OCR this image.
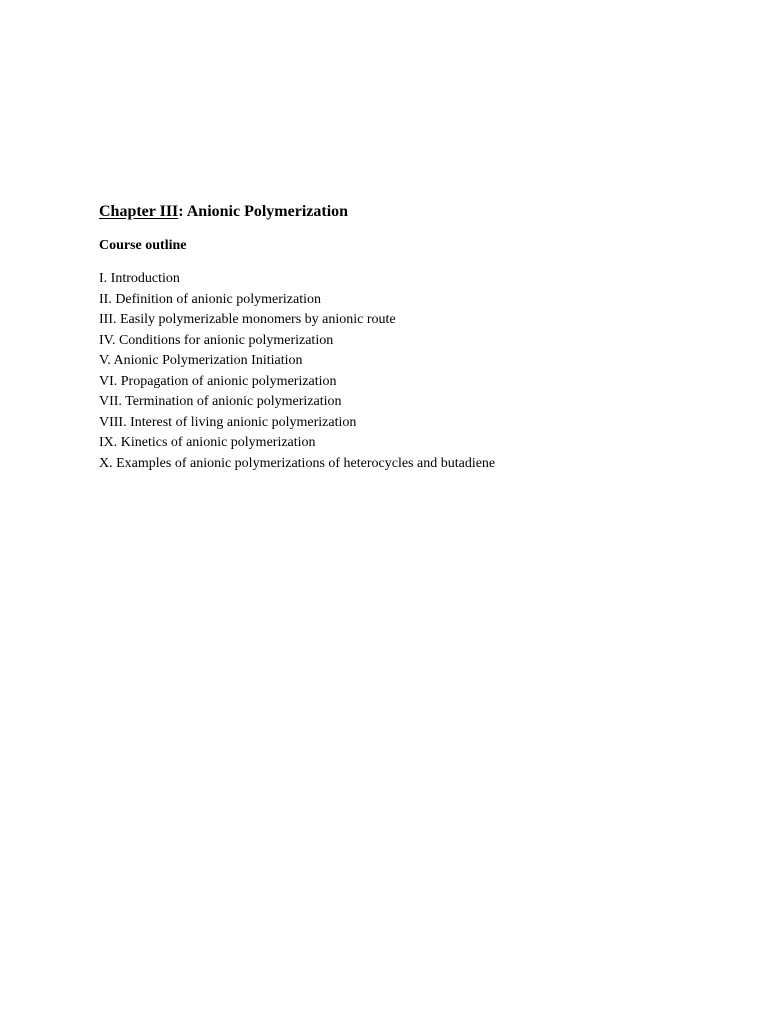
Chapter III: Anionic Polymerization

Course outline

I. Introduction
II. Definition of anionic polymerization
III. Easily polymerizable monomers by anionic route
IV. Conditions for anionic polymerization
V. Anionic Polymerization Initiation
VI. Propagation of anionic polymerization
VII. Termination of anionic polymerization
VIII. Interest of living anionic polymerization
IX. Kinetics of anionic polymerization
X. Examples of anionic polymerizations of heterocycles and butadiene
